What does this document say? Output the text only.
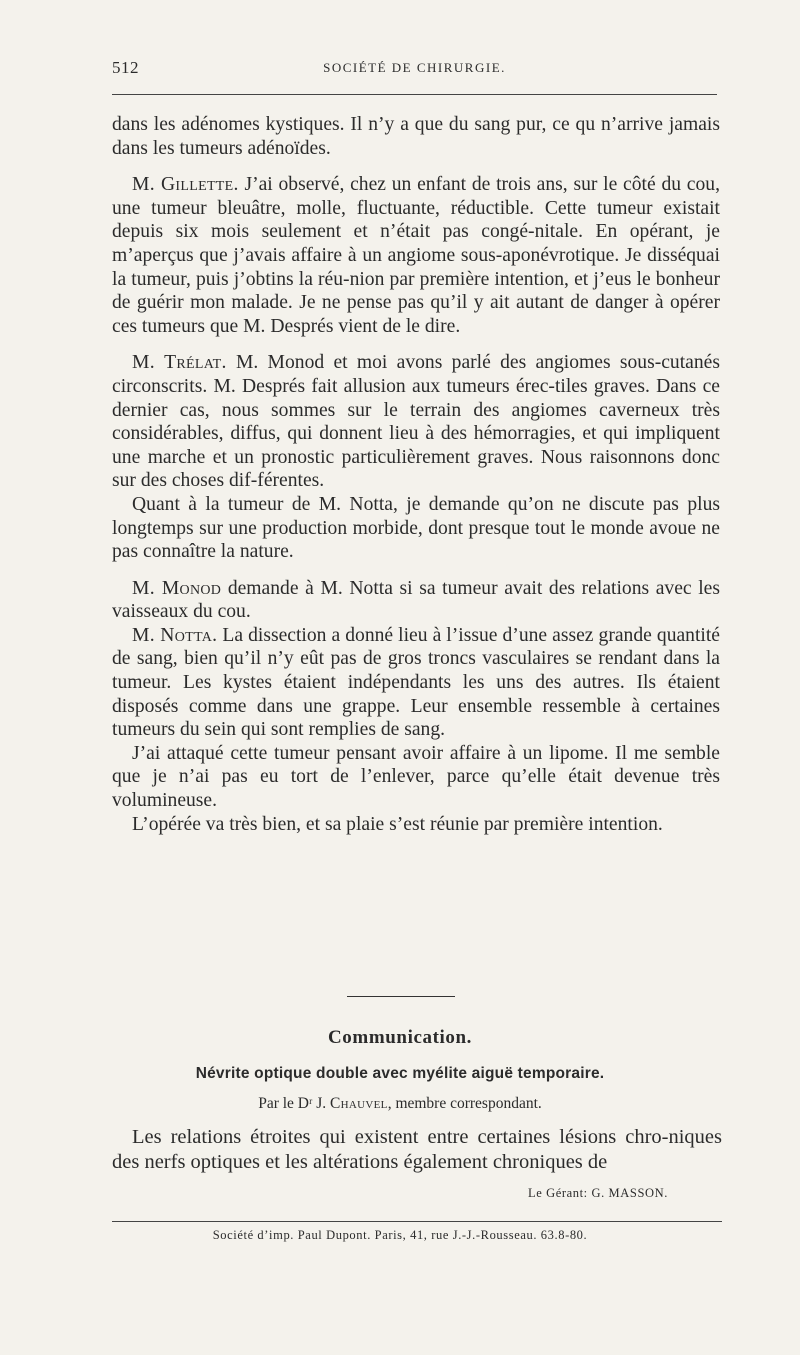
512	SOCIÉTÉ DE CHIRURGIE.

dans les adénomes kystiques. Il n’y a que du sang pur, ce qu n’arrive jamais dans les tumeurs adénoïdes.

M. Gillette. J’ai observé, chez un enfant de trois ans, sur le côté du cou, une tumeur bleuâtre, molle, fluctuante, réductible. Cette tumeur existait depuis six mois seulement et n’était pas congé-nitale. En opérant, je m’aperçus que j’avais affaire à un angiome sous-aponévrotique. Je disséquai la tumeur, puis j’obtins la réu-nion par première intention, et j’eus le bonheur de guérir mon malade. Je ne pense pas qu’il y ait autant de danger à opérer ces tumeurs que M. Després vient de le dire.

M. Trélat. M. Monod et moi avons parlé des angiomes sous-cutanés circonscrits. M. Després fait allusion aux tumeurs érec-tiles graves. Dans ce dernier cas, nous sommes sur le terrain des angiomes caverneux très considérables, diffus, qui donnent lieu à des hémorragies, et qui impliquent une marche et un pronostic particulièrement graves. Nous raisonnons donc sur des choses dif-férentes.

Quant à la tumeur de M. Notta, je demande qu’on ne discute pas plus longtemps sur une production morbide, dont presque tout le monde avoue ne pas connaître la nature.

M. Monod demande à M. Notta si sa tumeur avait des relations avec les vaisseaux du cou.

M. Notta. La dissection a donné lieu à l’issue d’une assez grande quantité de sang, bien qu’il n’y eût pas de gros troncs vasculaires se rendant dans la tumeur. Les kystes étaient indépendants les uns des autres. Ils étaient disposés comme dans une grappe. Leur ensemble ressemble à certaines tumeurs du sein qui sont remplies de sang.

J’ai attaqué cette tumeur pensant avoir affaire à un lipome. Il me semble que je n’ai pas eu tort de l’enlever, parce qu’elle était devenue très volumineuse.

L’opérée va très bien, et sa plaie s’est réunie par première intention.

Communication.
Névrite optique double avec myélite aiguë temporaire.
Par le Dʳ J. Chauvel, membre correspondant.

Les relations étroites qui existent entre certaines lésions chro-niques des nerfs optiques et les altérations également chroniques de

Le Gérant: G. MASSON.
Société d’imp. Paul Dupont. Paris, 41, rue J.-J.-Rousseau. 63.8-80.
